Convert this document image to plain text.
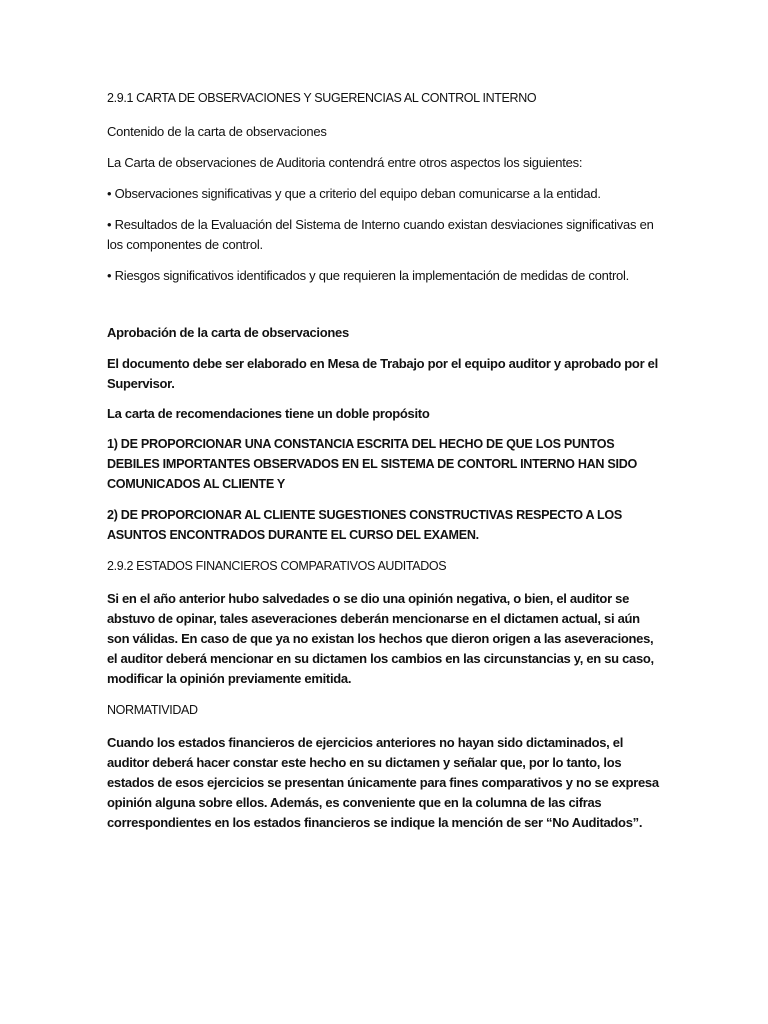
2.9.1 CARTA DE OBSERVACIONES Y SUGERENCIAS AL CONTROL INTERNO

Contenido de la carta de observaciones

La Carta de observaciones de Auditoria contendrá entre otros aspectos los siguientes:

• Observaciones significativas y que a criterio del equipo deban comunicarse a la entidad.

• Resultados de la Evaluación del Sistema de Interno cuando existan desviaciones significativas en los componentes de control.

• Riesgos significativos identificados y que requieren la implementación de medidas de control.

Aprobación de la carta de observaciones

El documento debe ser elaborado en Mesa de Trabajo por el equipo auditor y aprobado por el Supervisor.

La carta de recomendaciones tiene un doble propósito

1) DE PROPORCIONAR UNA CONSTANCIA ESCRITA DEL HECHO DE QUE LOS PUNTOS DEBILES IMPORTANTES OBSERVADOS EN EL SISTEMA DE CONTORL INTERNO HAN SIDO COMUNICADOS AL CLIENTE Y

2) DE PROPORCIONAR AL CLIENTE SUGESTIONES CONSTRUCTIVAS RESPECTO A LOS ASUNTOS ENCONTRADOS DURANTE EL CURSO DEL EXAMEN.

2.9.2 ESTADOS FINANCIEROS COMPARATIVOS AUDITADOS

Si en el año anterior hubo salvedades o se dio una opinión negativa, o bien, el auditor se abstuvo de opinar, tales aseveraciones deberán mencionarse en el dictamen actual, si aún son válidas. En caso de que ya no existan los hechos que dieron origen a las aseveraciones, el auditor deberá mencionar en su dictamen los cambios en las circunstancias y, en su caso, modificar la opinión previamente emitida.

NORMATIVIDAD

Cuando los estados financieros de ejercicios anteriores no hayan sido dictaminados, el auditor deberá hacer constar este hecho en su dictamen y señalar que, por lo tanto, los estados de esos ejercicios se presentan únicamente para fines comparativos y no se expresa opinión alguna sobre ellos. Además, es conveniente que en la columna de las cifras correspondientes en los estados financieros se indique la mención de ser “No Auditados”.
